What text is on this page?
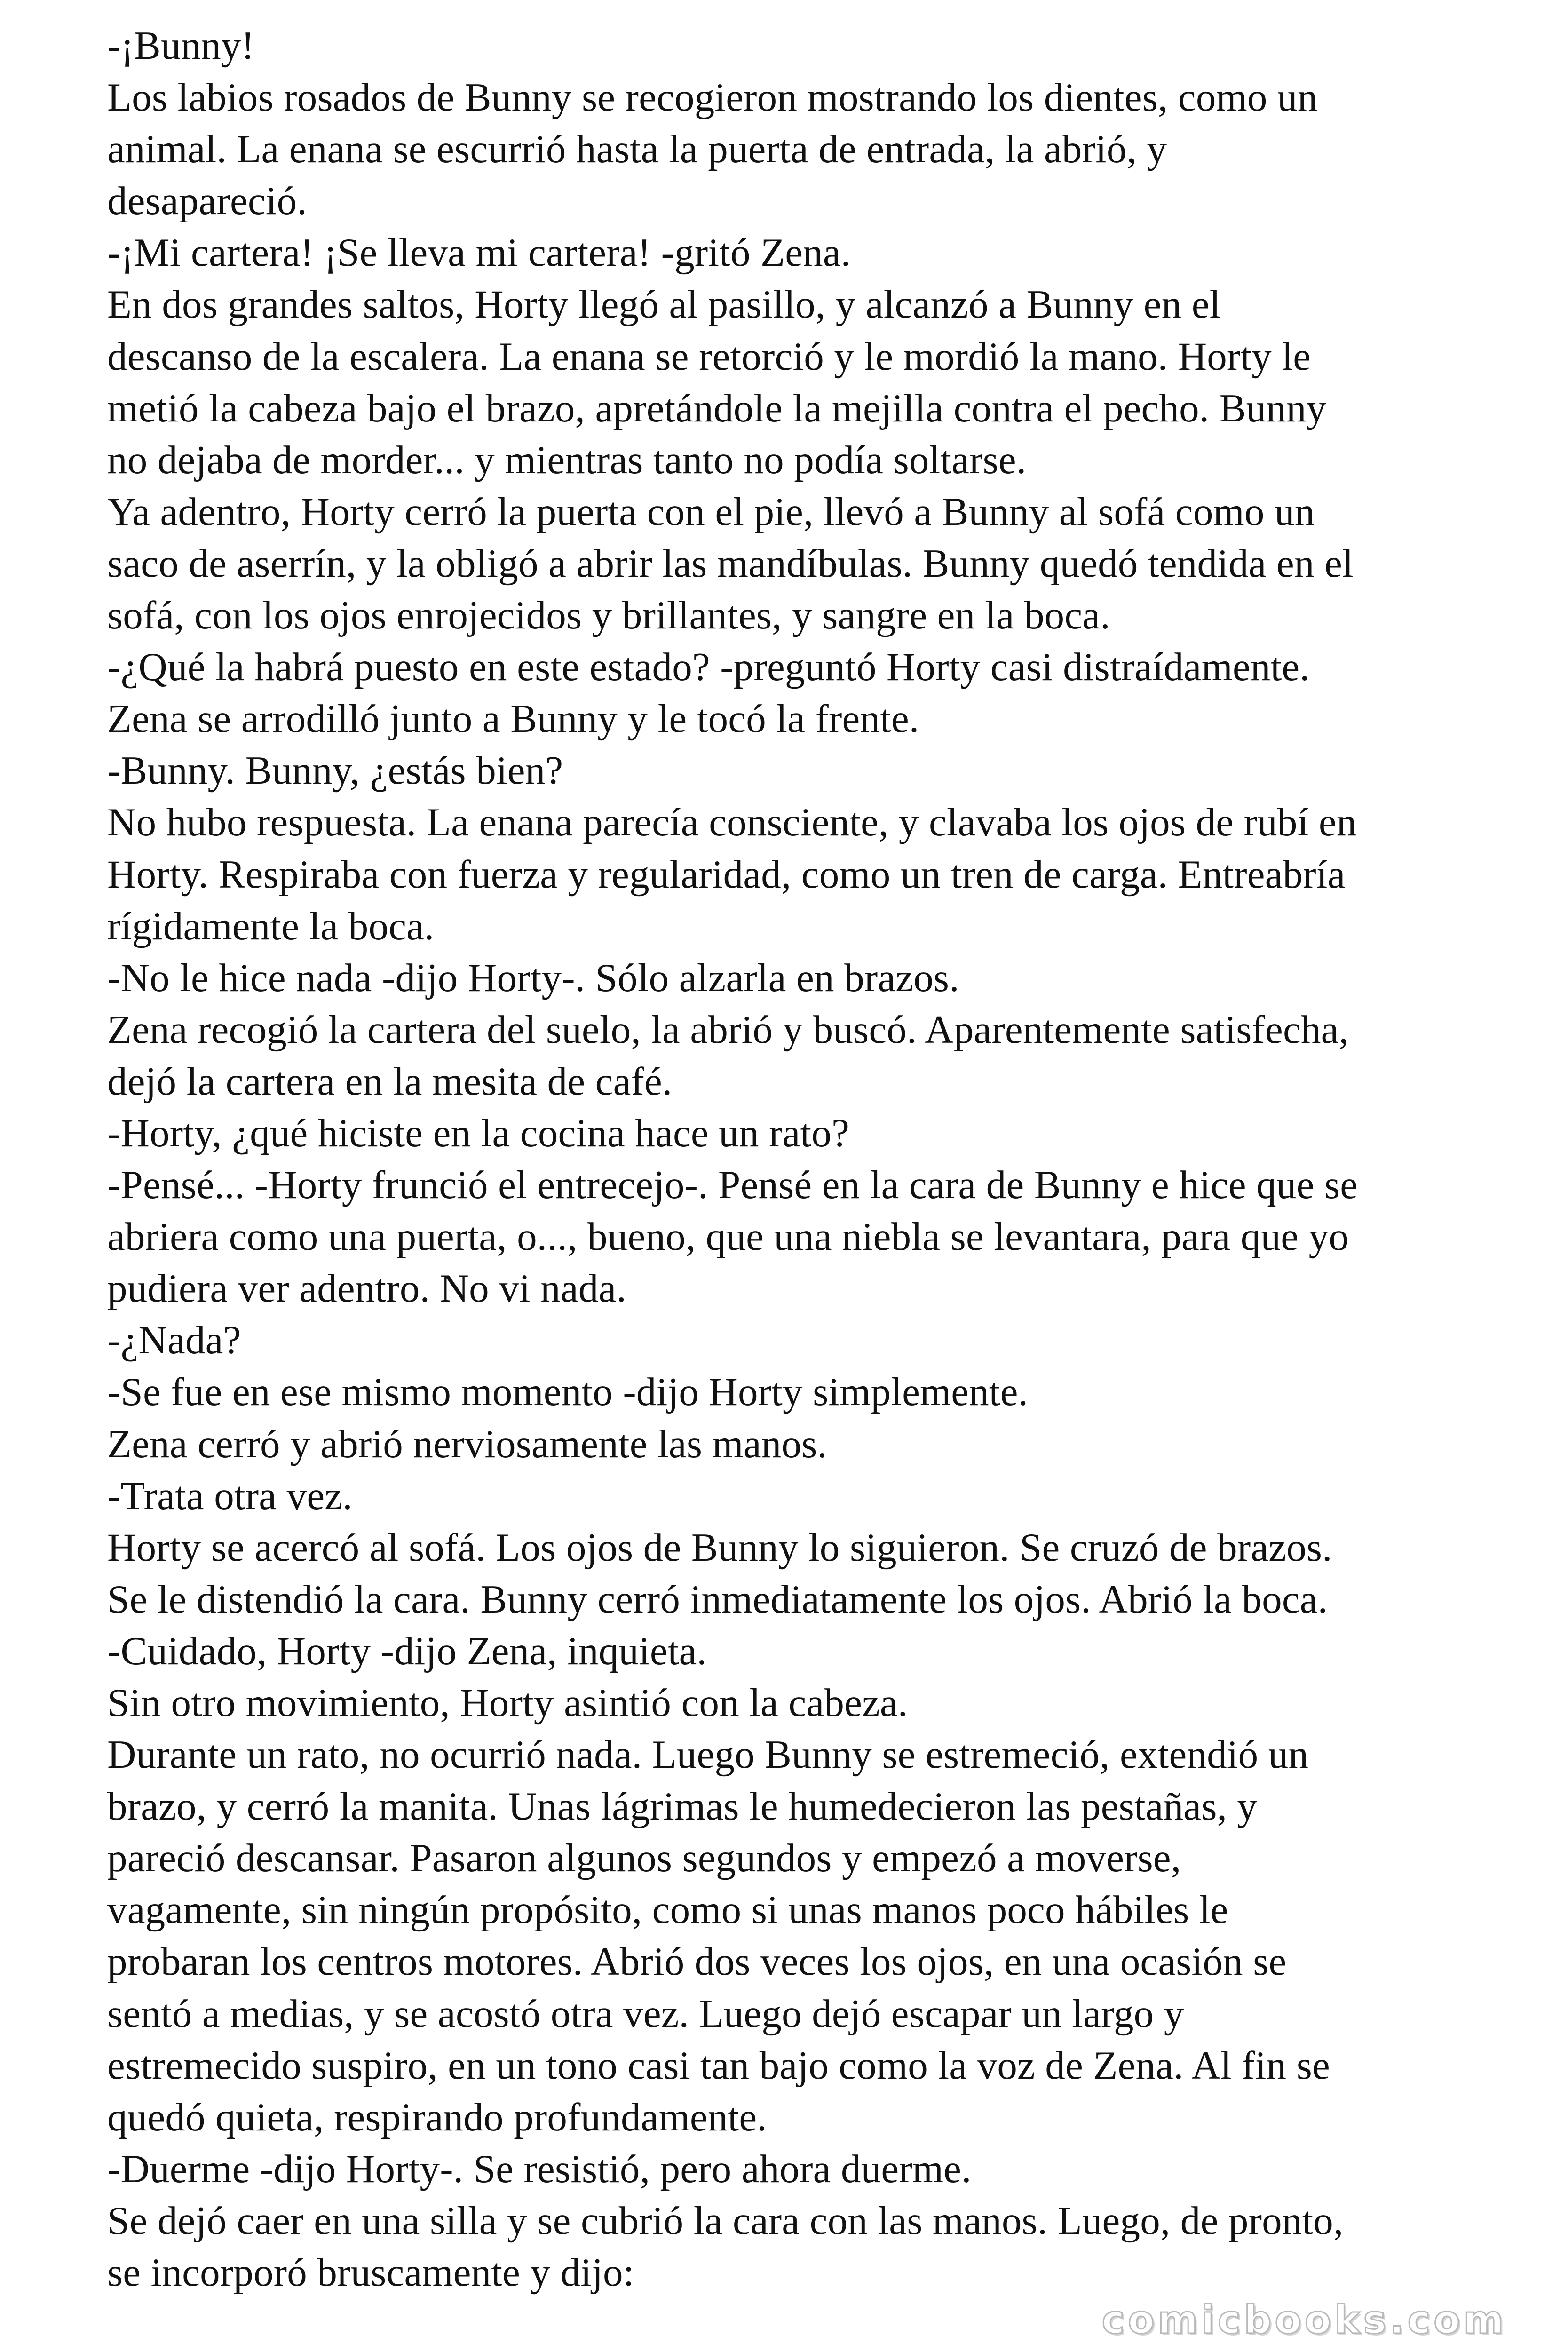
-¡Bunny!
Los labios rosados de Bunny se recogieron mostrando los dientes, como un
animal. La enana se escurrió hasta la puerta de entrada, la abrió, y
desapareció.
-¡Mi cartera! ¡Se lleva mi cartera! -gritó Zena.
En dos grandes saltos, Horty llegó al pasillo, y alcanzó a Bunny en el
descanso de la escalera. La enana se retorció y le mordió la mano. Horty le
metió la cabeza bajo el brazo, apretándole la mejilla contra el pecho. Bunny
no dejaba de morder... y mientras tanto no podía soltarse.
Ya adentro, Horty cerró la puerta con el pie, llevó a Bunny al sofá como un
saco de aserrín, y la obligó a abrir las mandíbulas. Bunny quedó tendida en el
sofá, con los ojos enrojecidos y brillantes, y sangre en la boca.
-¿Qué la habrá puesto en este estado? -preguntó Horty casi distraídamente.
Zena se arrodilló junto a Bunny y le tocó la frente.
-Bunny. Bunny, ¿estás bien?
No hubo respuesta. La enana parecía consciente, y clavaba los ojos de rubí en
Horty. Respiraba con fuerza y regularidad, como un tren de carga. Entreabría
rígidamente la boca.
-No le hice nada -dijo Horty-. Sólo alzarla en brazos.
Zena recogió la cartera del suelo, la abrió y buscó. Aparentemente satisfecha,
dejó la cartera en la mesita de café.
-Horty, ¿qué hiciste en la cocina hace un rato?
-Pensé... -Horty frunció el entrecejo-. Pensé en la cara de Bunny e hice que se
abriera como una puerta, o..., bueno, que una niebla se levantara, para que yo
pudiera ver adentro. No vi nada.
-¿Nada?
-Se fue en ese mismo momento -dijo Horty simplemente.
Zena cerró y abrió nerviosamente las manos.
-Trata otra vez.
Horty se acercó al sofá. Los ojos de Bunny lo siguieron. Se cruzó de brazos.
Se le distendió la cara. Bunny cerró inmediatamente los ojos. Abrió la boca.
-Cuidado, Horty -dijo Zena, inquieta.
Sin otro movimiento, Horty asintió con la cabeza.
Durante un rato, no ocurrió nada. Luego Bunny se estremeció, extendió un
brazo, y cerró la manita. Unas lágrimas le humedecieron las pestañas, y
pareció descansar. Pasaron algunos segundos y empezó a moverse,
vagamente, sin ningún propósito, como si unas manos poco hábiles le
probaran los centros motores. Abrió dos veces los ojos, en una ocasión se
sentó a medias, y se acostó otra vez. Luego dejó escapar un largo y
estremecido suspiro, en un tono casi tan bajo como la voz de Zena. Al fin se
quedó quieta, respirando profundamente.
-Duerme -dijo Horty-. Se resistió, pero ahora duerme.
Se dejó caer en una silla y se cubrió la cara con las manos. Luego, de pronto,
se incorporó bruscamente y dijo:
comicbooks.com
